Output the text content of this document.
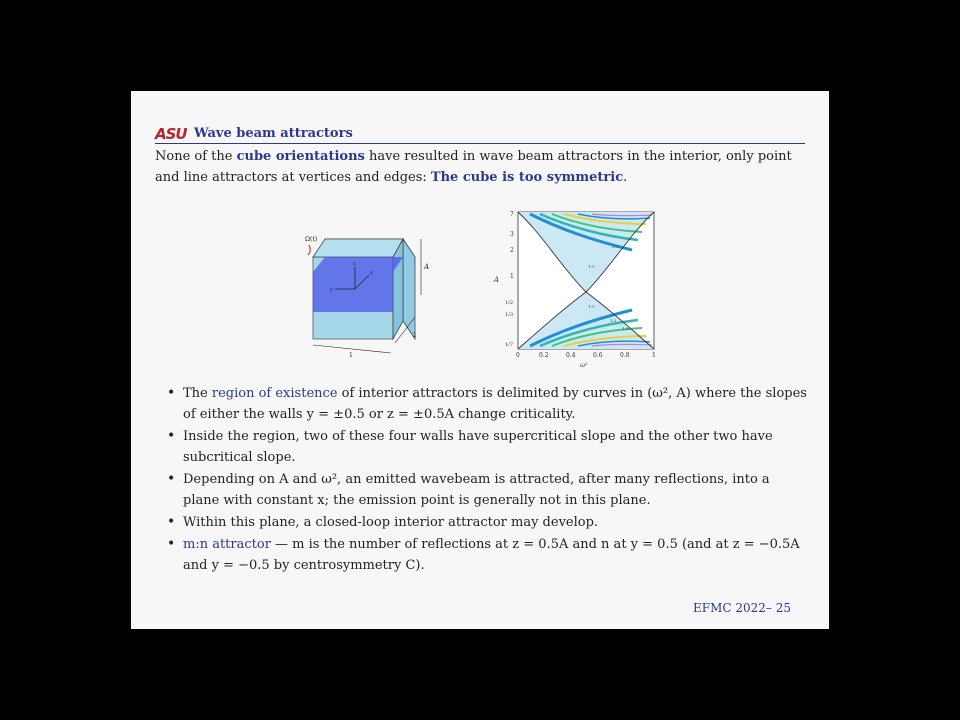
ASU Wave beam attractors
None of the cube orientations have resulted in wave beam attractors in the interior, only point and line attractors at vertices and edges: The cube is too symmetric.
z
x
y
Ω(t)
A
1
1
2:1
1:1
1:1
1:2
1:3
7
3
2
1
1/2
1/3
1/7
A
0	0.2	0.4	0.6	0.8	1
ω²
• The region of existence of interior attractors is delimited by curves in (ω², A) where the slopes of either the walls y = ±0.5 or z = ±0.5A change criticality.
• Inside the region, two of these four walls have supercritical slope and the other two have subcritical slope.
• Depending on A and ω², an emitted wavebeam is attracted, after many reflections, into a plane with constant x; the emission point is generally not in this plane.
• Within this plane, a closed-loop interior attractor may develop.
• m:n attractor — m is the number of reflections at z = 0.5A and n at y = 0.5 (and at z = −0.5A and y = −0.5 by centrosymmetry C).
EFMC 2022– 25
